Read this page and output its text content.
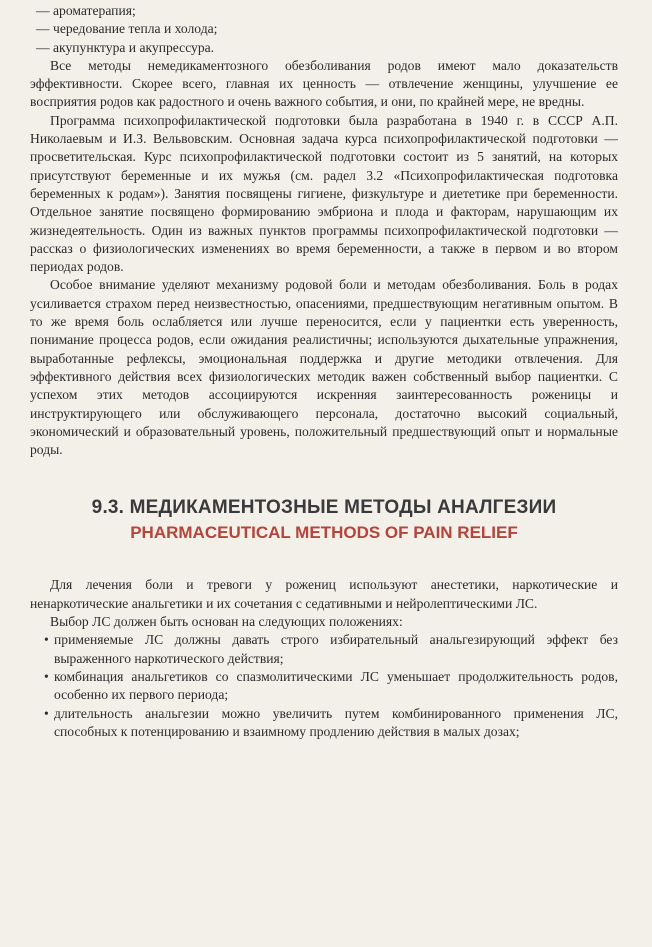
— ароматерапия;
— чередование тепла и холода;
— акупунктура и акупрессура.

Все методы немедикаментозного обезболивания родов имеют мало доказательств эффективности. Скорее всего, главная их ценность — отвлечение женщины, улучшение ее восприятия родов как радостного и очень важного события, и они, по крайней мере, не вредны.

Программа психопрофилактической подготовки была разработана в 1940 г. в СССР А.П. Николаевым и И.З. Вельвовским. Основная задача курса психопрофилактической подготовки — просветительская. Курс психопрофилактической подготовки состоит из 5 занятий, на которых присутствуют беременные и их мужья (см. радел 3.2 «Психопрофилактическая подготовка беременных к родам»). Занятия посвящены гигиене, физкультуре и диететике при беременности. Отдельное занятие посвящено формированию эмбриона и плода и факторам, нарушающим их жизнедеятельность. Один из важных пунктов программы психопрофилактической подготовки — рассказ о физиологических изменениях во время беременности, а также в первом и во втором периодах родов.

Особое внимание уделяют механизму родовой боли и методам обезболивания. Боль в родах усиливается страхом перед неизвестностью, опасениями, предшествующим негативным опытом. В то же время боль ослабляется или лучше переносится, если у пациентки есть уверенность, понимание процесса родов, если ожидания реалистичны; используются дыхательные упражнения, выработанные рефлексы, эмоциональная поддержка и другие методики отвлечения. Для эффективного действия всех физиологических методик важен собственный выбор пациентки. С успехом этих методов ассоциируются искренняя заинтересованность роженицы и инструктирующего или обслуживающего персонала, достаточно высокий социальный, экономический и образовательный уровень, положительный предшествующий опыт и нормальные роды.

9.3. МЕДИКАМЕНТОЗНЫЕ МЕТОДЫ АНАЛГЕЗИИ
PHARMACEUTICAL METHODS OF PAIN RELIEF

Для лечения боли и тревоги у рожениц используют анестетики, наркотические и ненаркотические анальгетики и их сочетания с седативными и нейролептическими ЛС.

Выбор ЛС должен быть основан на следующих положениях:

• применяемые ЛС должны давать строго избирательный анальгезирующий эффект без выраженного наркотического действия;
• комбинация анальгетиков со спазмолитическими ЛС уменьшает продолжительность родов, особенно их первого периода;
• длительность анальгезии можно увеличить путем комбинированного применения ЛС, способных к потенцированию и взаимному продлению действия в малых дозах;
